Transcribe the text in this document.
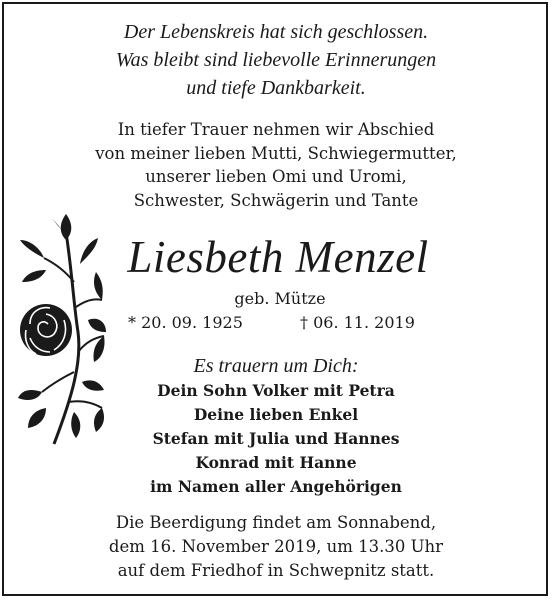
Der Lebenskreis hat sich geschlossen.
Was bleibt sind liebevolle Erinnerungen
und tiefe Dankbarkeit.
In tiefer Trauer nehmen wir Abschied
von meiner lieben Mutti, Schwiegermutter,
unserer lieben Omi und Uromi,
Schwester, Schwägerin und Tante
Liesbeth Menzel
geb. Mütze
* 20. 09. 1925	† 06. 11. 2019
Es trauern um Dich:
Dein Sohn Volker mit Petra
Deine lieben Enkel
Stefan mit Julia und Hannes
Konrad mit Hanne
im Namen aller Angehörigen
Die Beerdigung findet am Sonnabend,
dem 16. November 2019, um 13.30 Uhr
auf dem Friedhof in Schwepnitz statt.
